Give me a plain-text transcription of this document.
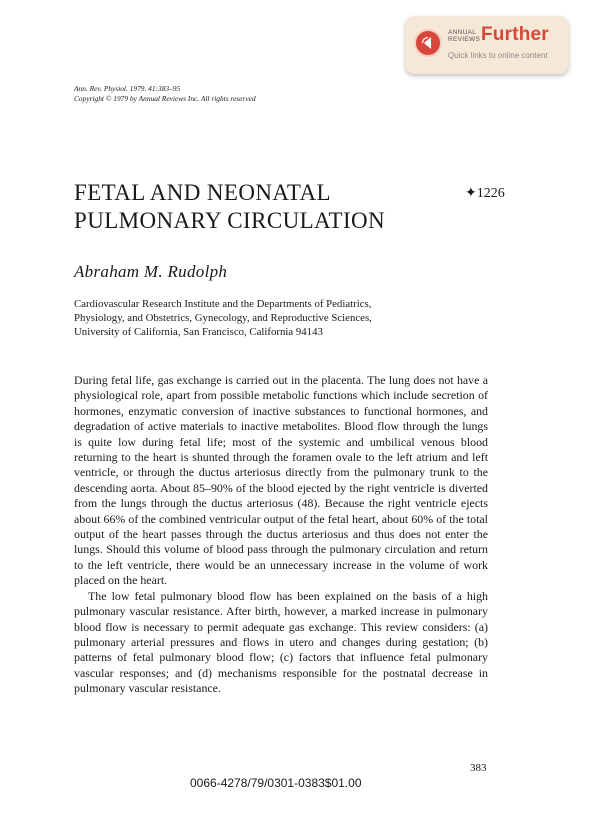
ANNUAL
REVIEWS Further
Quick links to online content
Ann. Rev. Physiol. 1979. 41:383–95
Copyright © 1979 by Annual Reviews Inc. All rights reserved
FETAL AND NEONATAL
PULMONARY CIRCULATION
✦1226
Abraham M. Rudolph
Cardiovascular Research Institute and the Departments of Pediatrics,
Physiology, and Obstetrics, Gynecology, and Reproductive Sciences,
University of California, San Francisco, California 94143

During fetal life, gas exchange is carried out in the placenta. The lung does not have a physiological role, apart from possible metabolic functions which include secretion of hormones, enzymatic conversion of inactive substances to functional hormones, and degradation of active materials to inactive metabolites. Blood flow through the lungs is quite low during fetal life; most of the systemic and umbilical venous blood returning to the heart is shunted through the foramen ovale to the left atrium and left ventricle, or through the ductus arteriosus directly from the pulmonary trunk to the descending aorta. About 85–90% of the blood ejected by the right ventricle is diverted from the lungs through the ductus arteriosus (48). Because the right ventricle ejects about 66% of the combined ventricular output of the fetal heart, about 60% of the total output of the heart passes through the ductus arteriosus and thus does not enter the lungs. Should this volume of blood pass through the pulmonary circulation and return to the left ventricle, there would be an unnecessary increase in the volume of work placed on the heart.

The low fetal pulmonary blood flow has been explained on the basis of a high pulmonary vascular resistance. After birth, however, a marked increase in pulmonary blood flow is necessary to permit adequate gas exchange. This review considers: (a) pulmonary arterial pressures and flows in utero and changes during gestation; (b) patterns of fetal pulmonary blood flow; (c) factors that influence fetal pulmonary vascular responses; and (d) mechanisms responsible for the postnatal decrease in pulmonary vascular resistance.

383
0066-4278/79/0301-0383$01.00
